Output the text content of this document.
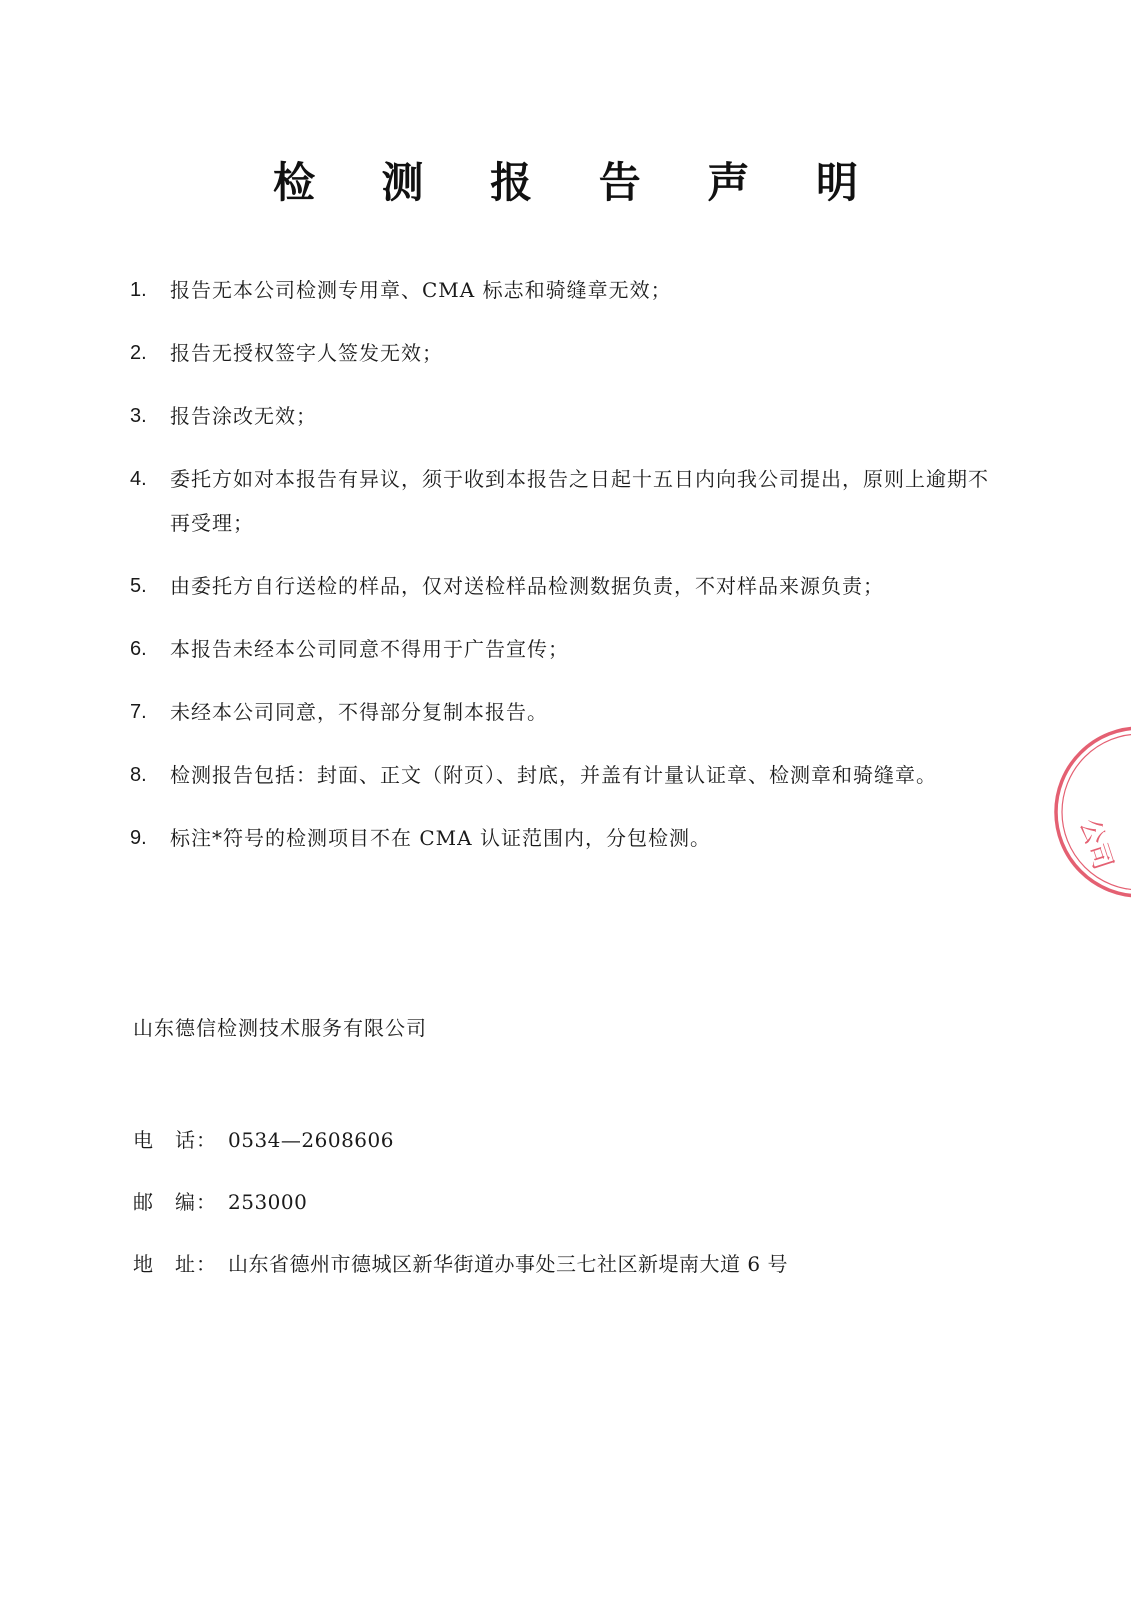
检 测 报 告 声 明
1.	报告无本公司检测专用章、CMA 标志和骑缝章无效；
2.	报告无授权签字人签发无效；
3.	报告涂改无效；
4.	委托方如对本报告有异议，须于收到本报告之日起十五日内向我公司提出，原则上逾期不再受理；
5.	由委托方自行送检的样品，仅对送检样品检测数据负责，不对样品来源负责；
6.	本报告未经本公司同意不得用于广告宣传；
7.	未经本公司同意，不得部分复制本报告。
8.	检测报告包括：封面、正文（附页）、封底，并盖有计量认证章、检测章和骑缝章。
9.	标注*符号的检测项目不在 CMA 认证范围内，分包检测。
山东德信检测技术服务有限公司
电　话： 0534—2608606
邮　编： 253000
地　址： 山东省德州市德城区新华街道办事处三七社区新堤南大道 6 号
公司
